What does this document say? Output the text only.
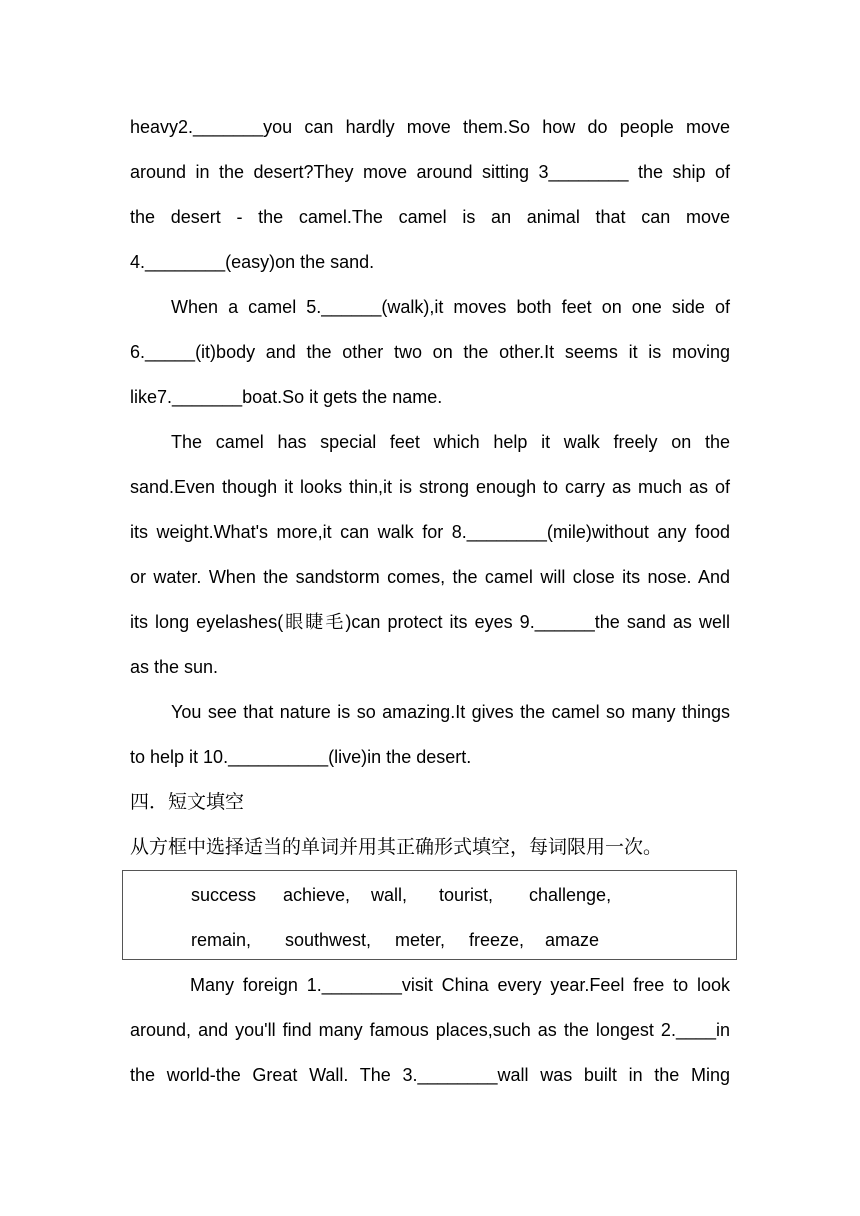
heavy2._______you can hardly move them.So how do people move
around in the desert?They move around sitting 3________ the ship of
the desert - the camel.The camel is an animal that can move
4.________(easy)on the sand.
When a camel 5.______(walk),it moves both feet on one side of
6._____(it)body and the other two on the other.It seems it is moving
like7._______boat.So it gets the name.
The camel has special feet which help it walk freely on the
sand.Even though it looks thin,it is strong enough to carry as much as of
its weight.What's more,it can walk for 8.________(mile)without any food
or water. When the sandstorm comes, the camel will close its nose. And
its long eyelashes(眼睫毛)can protect its eyes 9.______the sand as well
as the sun.
You see that nature is so amazing.It gives the camel so many things
to help it 10.__________(live)in the desert.
四．短文填空
从方框中选择适当的单词并用其正确形式填空，每词限用一次。
success achieve, wall, tourist, challenge,
remain, southwest, meter, freeze, amaze
Many foreign 1.________visit China every year.Feel free to look
around, and you'll find many famous places,such as the longest 2.____in
the world-the Great Wall. The 3.________wall was built in the Ming
